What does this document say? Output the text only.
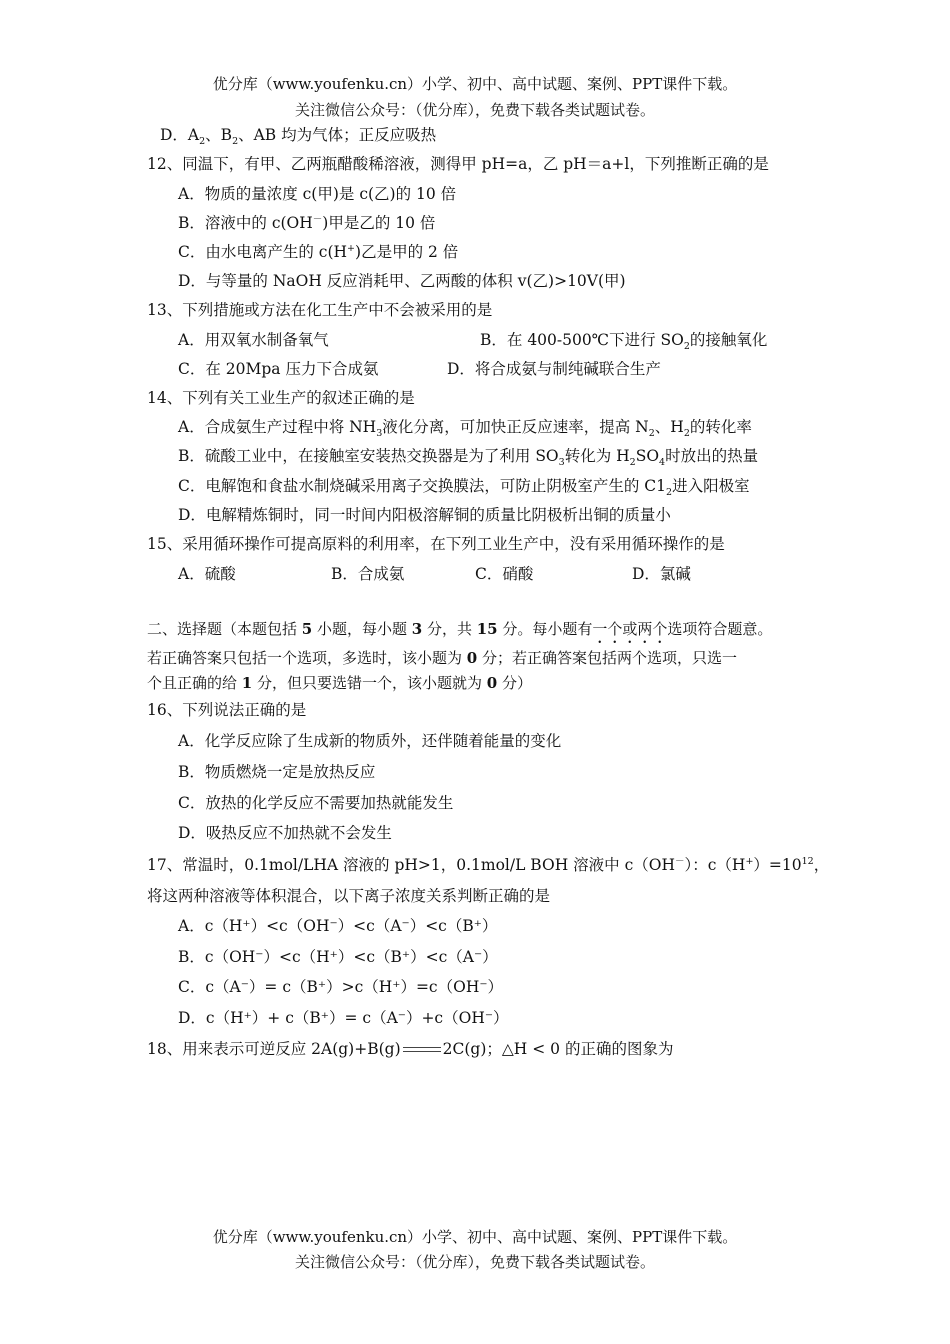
优分库（www.youfenku.cn）小学、初中、高中试题、案例、PPT课件下载。
关注微信公众号：（优分库），免费下载各类试题试卷。
D．$A_2$、$B_2$、AB 均为气体；正反应吸热
12、同温下，有甲、乙两瓶醋酸稀溶液，测得甲 pH=a，乙 pH＝a+l，下列推断正确的是
A．物质的量浓度 c(甲)是 c(乙)的 10 倍
B．溶液中的 c(OH－)甲是乙的 10 倍
C．由水电离产生的 c(H+)乙是甲的 2 倍
D．与等量的 NaOH 反应消耗甲、乙两酸的体积 v(乙)>10V(甲)
13、下列措施或方法在化工生产中不会被采用的是
A．用双氧水制备氧气	B．在 400-500℃下进行 $SO_2$的接触氧化
C．在 20Mpa 压力下合成氨	D．将合成氨与制纯碱联合生产
14、下列有关工业生产的叙述正确的是
A．合成氨生产过程中将 $NH_3$液化分离，可加快正反应速率，提高 $N_2$、$H_2$的转化率
B．硫酸工业中，在接触室安装热交换器是为了利用 $SO_3$转化为 $H_2SO_4$时放出的热量
C．电解饱和食盐水制烧碱采用离子交换膜法，可防止阴极室产生的 $C1_2$进入阳极室
D．电解精炼铜时，同一时间内阳极溶解铜的质量比阴极析出铜的质量小
15、采用循环操作可提高原料的利用率，在下列工业生产中，没有采用循环操作的是
A．硫酸	B．合成氨	C．硝酸	D．氯碱
二、选择题（本题包括 5 小题，每小题 3 分，共 15 分。每小题有一个或两个选项符合题意。
若正确答案只包括一个选项，多选时，该小题为 0 分；若正确答案包括两个选项，只选一
个且正确的给 1 分，但只要选错一个，该小题就为 0 分）
16、下列说法正确的是
A．化学反应除了生成新的物质外，还伴随着能量的变化
B．物质燃烧一定是放热反应
C．放热的化学反应不需要加热就能发生
D．吸热反应不加热就不会发生
17、常温时，0.1mol/LHA 溶液的 pH>1，0.1mol/L BOH 溶液中 c（OH－）：$c(H^+)=10^{12}$，
将这两种溶液等体积混合，以下离子浓度关系判断正确的是
A．c（H⁺）<c（OH⁻）<c（A⁻）<c（B⁺）
B．c（OH⁻）<c（H⁺）<c（B⁺）<c（A⁻）
C．c（A⁻）= c（B⁺）>c（H⁺）=c（OH⁻）
D．c（H⁺）+ c（B⁺）= c（A⁻）+c（OH⁻）
18、用来表示可逆反应 2A(g)+B(g)	2C(g)；△H < 0 的正确的图象为
优分库（www.youfenku.cn）小学、初中、高中试题、案例、PPT课件下载。
关注微信公众号：（优分库），免费下载各类试题试卷。
